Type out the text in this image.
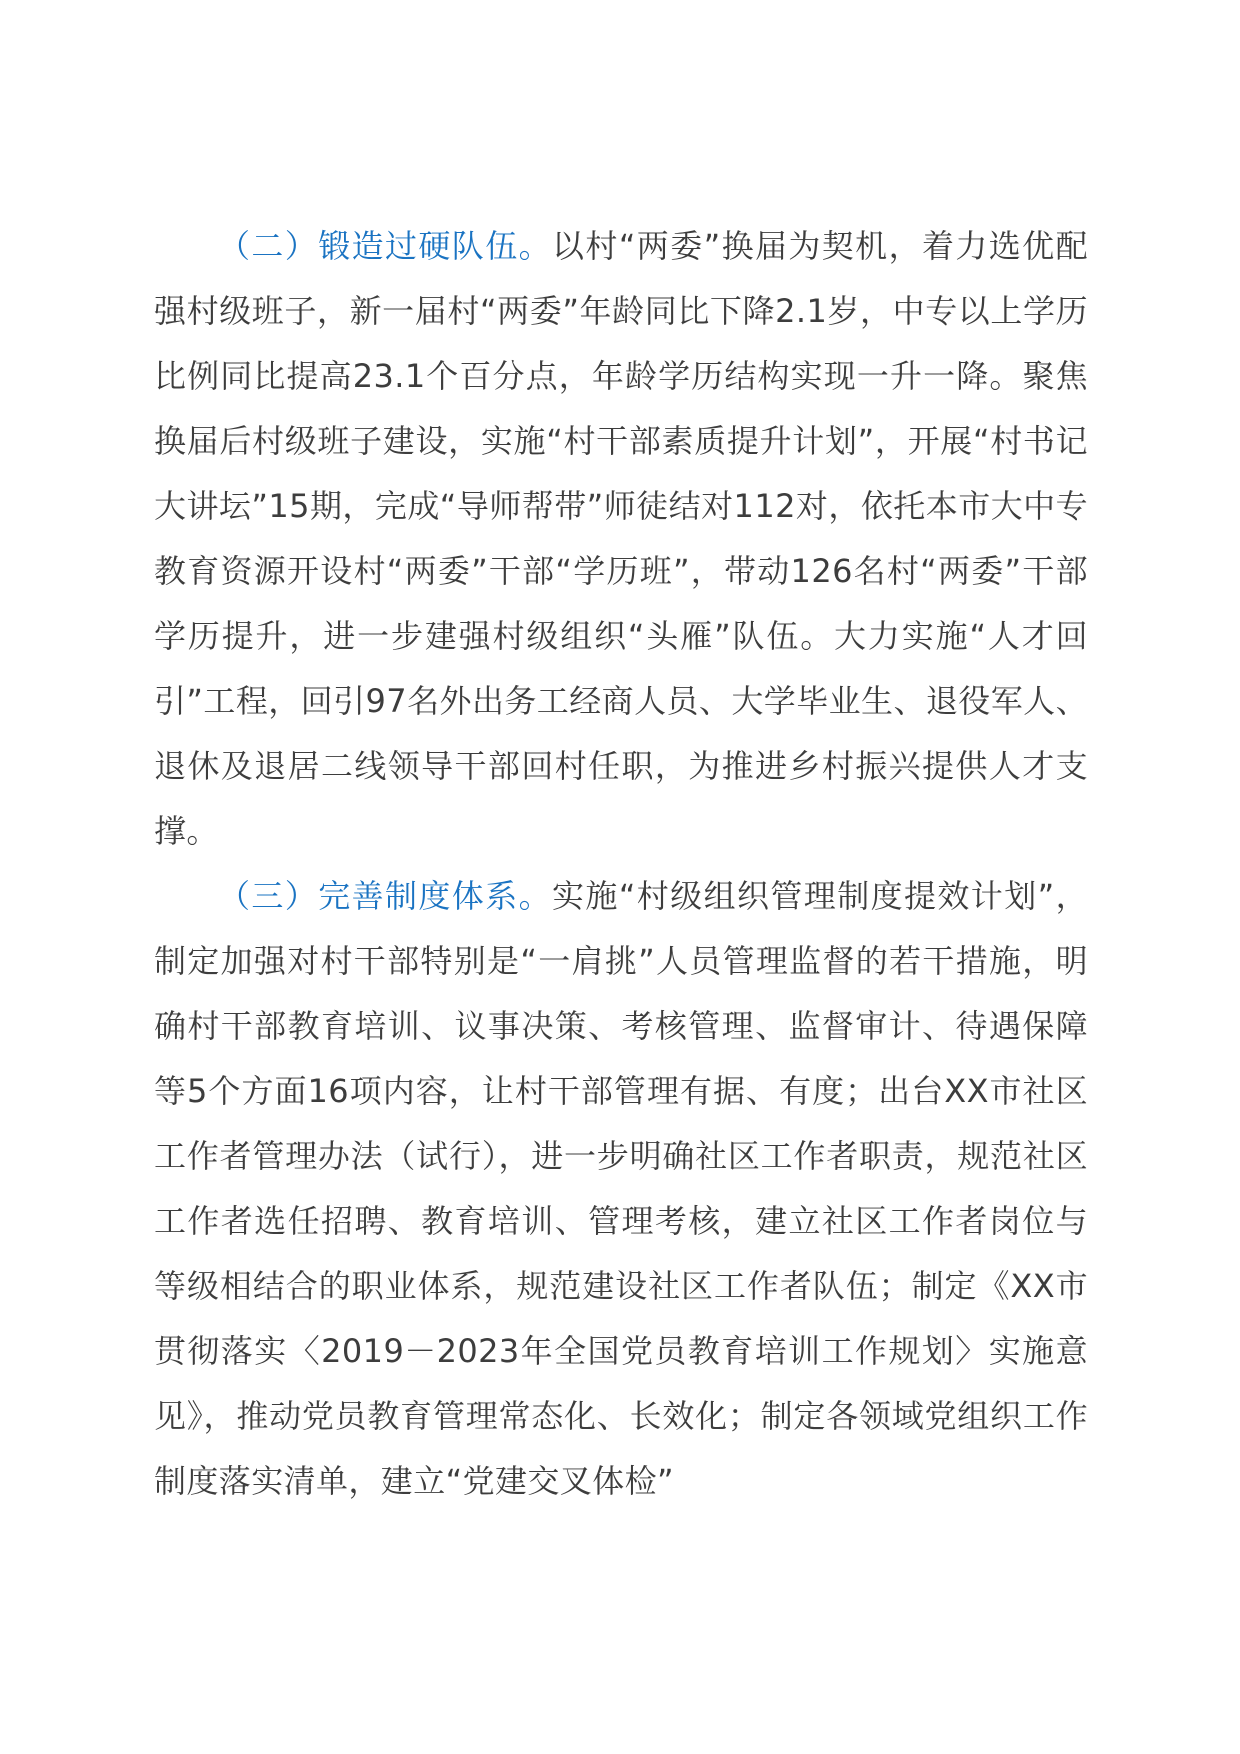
（二）锻造过硬队伍。以村“两委”换届为契机，着力选优配强村级班子，新一届村“两委”年龄同比下降2.1岁，中专以上学历比例同比提高23.1个百分点，年龄学历结构实现一升一降。聚焦换届后村级班子建设，实施“村干部素质提升计划”，开展“村书记大讲坛”15期，完成“导师帮带”师徒结对112对，依托本市大中专教育资源开设村“两委”干部“学历班”，带动126名村“两委”干部学历提升，进一步建强村级组织“头雁”队伍。大力实施“人才回引”工程，回引97名外出务工经商人员、大学毕业生、退役军人、退休及退居二线领导干部回村任职，为推进乡村振兴提供人才支撑。

（三）完善制度体系。实施“村级组织管理制度提效计划”，制定加强对村干部特别是“一肩挑”人员管理监督的若干措施，明确村干部教育培训、议事决策、考核管理、监督审计、待遇保障等5个方面16项内容，让村干部管理有据、有度；出台XX市社区工作者管理办法（试行），进一步明确社区工作者职责，规范社区工作者选任招聘、教育培训、管理考核，建立社区工作者岗位与等级相结合的职业体系，规范建设社区工作者队伍；制定《XX市贯彻落实〈2019－2023年全国党员教育培训工作规划〉实施意见》，推动党员教育管理常态化、长效化；制定各领域党组织工作制度落实清单，建立“党建交叉体检”
